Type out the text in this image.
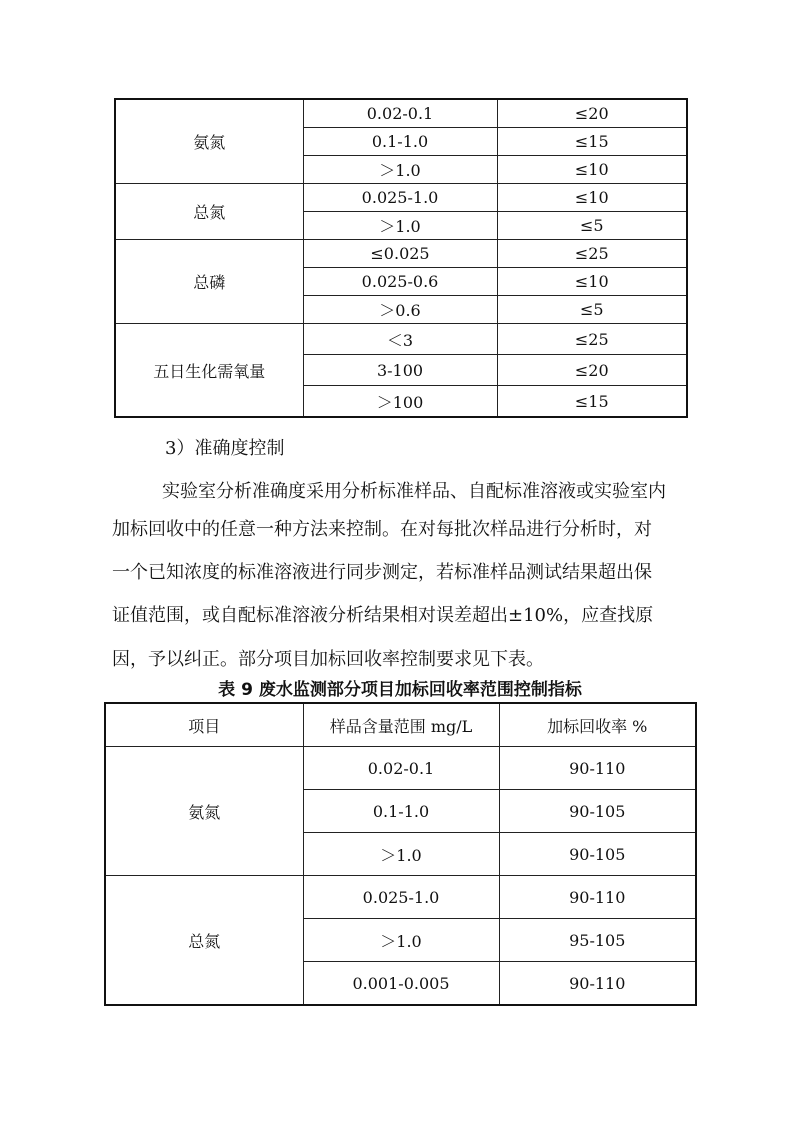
氨氮	0.02-0.1	≤20
	0.1-1.0	≤15
	＞1.0	≤10
总氮	0.025-1.0	≤10
	＞1.0	≤5
总磷	≤0.025	≤25
	0.025-0.6	≤10
	＞0.6	≤5
五日生化需氧量	＜3	≤25
	3-100	≤20
	＞100	≤15
3）准确度控制
实验室分析准确度采用分析标准样品、自配标准溶液或实验室内
加标回收中的任意一种方法来控制。在对每批次样品进行分析时，对
一个已知浓度的标准溶液进行同步测定，若标准样品测试结果超出保
证值范围，或自配标准溶液分析结果相对误差超出±10%，应查找原
因，予以纠正。部分项目加标回收率控制要求见下表。
表 9 废水监测部分项目加标回收率范围控制指标
项目	样品含量范围 mg/L	加标回收率 %
氨氮	0.02-0.1	90-110
	0.1-1.0	90-105
	＞1.0	90-105
总氮	0.025-1.0	90-110
	＞1.0	95-105
	0.001-0.005	90-110
